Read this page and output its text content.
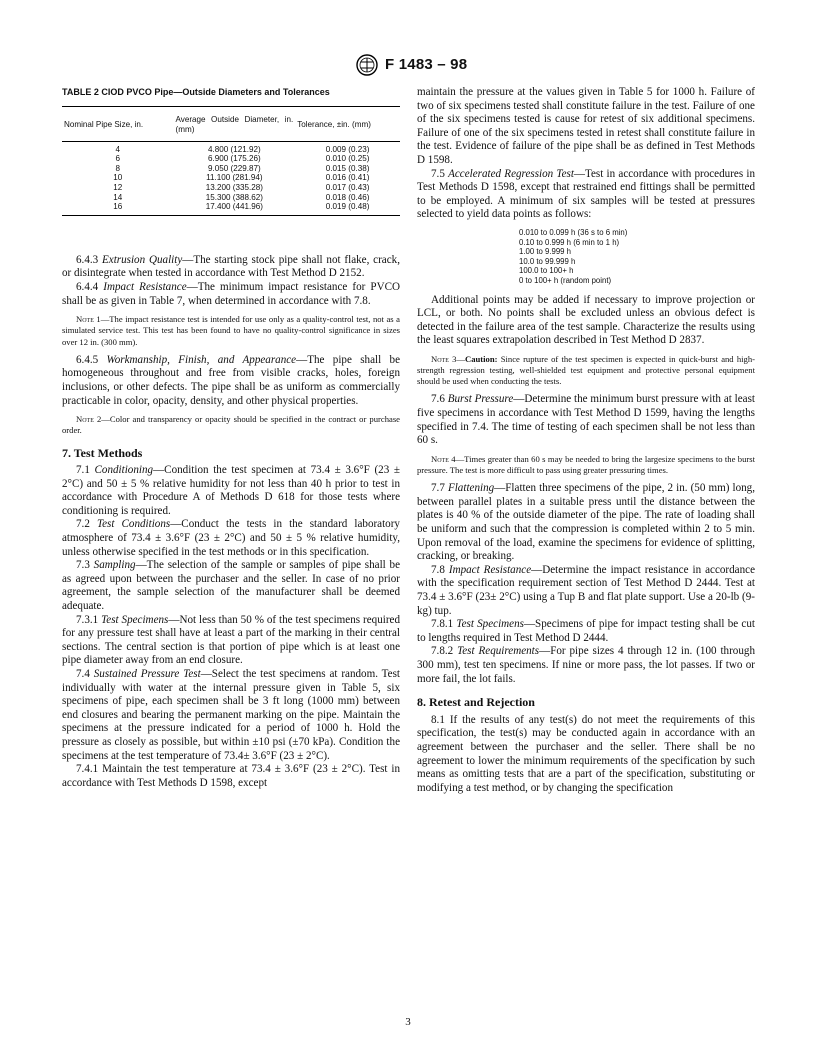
F 1483 – 98
TABLE 2 CIOD PVCO Pipe—Outside Diameters and Tolerances
Nominal Pipe Size, in.	Average Outside Diameter, in. (mm)	Tolerance, ±in. (mm)
4	4.800 (121.92)	0.009 (0.23)
6	6.900 (175.26)	0.010 (0.25)
8	9.050 (229.87)	0.015 (0.38)
10	11.100 (281.94)	0.016 (0.41)
12	13.200 (335.28)	0.017 (0.43)
14	15.300 (388.62)	0.018 (0.46)
16	17.400 (441.96)	0.019 (0.48)

6.4.3 Extrusion Quality—The starting stock pipe shall not flake, crack, or disintegrate when tested in accordance with Test Method D 2152.

6.4.4 Impact Resistance—The minimum impact resistance for PVCO shall be as given in Table 7, when determined in accordance with 7.8.

Note 1—The impact resistance test is intended for use only as a quality-control test, not as a simulated service test. This test has been found to have no quality-control significance in sizes over 12 in. (300 mm).

6.4.5 Workmanship, Finish, and Appearance—The pipe shall be homogeneous throughout and free from visible cracks, holes, foreign inclusions, or other defects. The pipe shall be as uniform as commercially practicable in color, opacity, density, and other physical properties.

Note 2—Color and transparency or opacity should be specified in the contract or purchase order.
7. Test Methods

7.1 Conditioning—Condition the test specimen at 73.4 ± 3.6°F (23 ± 2°C) and 50 ± 5 % relative humidity for not less than 40 h prior to test in accordance with Procedure A of Methods D 618 for those tests where conditioning is required.

7.2 Test Conditions—Conduct the tests in the standard laboratory atmosphere of 73.4 ± 3.6°F (23 ± 2°C) and 50 ± 5 % relative humidity, unless otherwise specified in the test methods or in this specification.

7.3 Sampling—The selection of the sample or samples of pipe shall be as agreed upon between the purchaser and the seller. In case of no prior agreement, the sample selection of the manufacturer shall be deemed adequate.

7.3.1 Test Specimens—Not less than 50 % of the test specimens required for any pressure test shall have at least a part of the marking in their central sections. The central section is that portion of pipe which is at least one pipe diameter away from an end closure.

7.4 Sustained Pressure Test—Select the test specimens at random. Test individually with water at the internal pressure given in Table 5, six specimens of pipe, each specimen shall be 3 ft long (1000 mm) between end closures and bearing the permanent marking on the pipe. Maintain the specimens at the pressure indicated for a period of 1000 h. Hold the pressure as closely as possible, but within ±10 psi (±70 kPa). Condition the specimens at the test temperature of 73.4± 3.6°F (23 ± 2°C).

7.4.1 Maintain the test temperature at 73.4 ± 3.6°F (23 ± 2°C). Test in accordance with Test Methods D 1598, except

maintain the pressure at the values given in Table 5 for 1000 h. Failure of two of six specimens tested shall constitute failure in the test. Failure of one of the six specimens tested is cause for retest of six additional specimens. Failure of one of the six specimens tested in retest shall constitute failure in the test. Evidence of failure of the pipe shall be as defined in Test Methods D 1598.

7.5 Accelerated Regression Test—Test in accordance with procedures in Test Methods D 1598, except that restrained end fittings shall be permitted to be employed. A minimum of six samples will be tested at pressures selected to yield data points as follows:

0.010 to 0.099 h (36 s to 6 min)
0.10 to 0.999 h (6 min to 1 h)
1.00 to 9.999 h
10.0 to 99.999 h
100.0 to 100+ h
0 to 100+ h (random point)

Additional points may be added if necessary to improve projection or LCL, or both. No points shall be excluded unless an obvious defect is detected in the failure area of the test sample. Characterize the results using the least squares extrapolation described in Test Method D 2837.

Note 3—Caution: Since rupture of the test specimen is expected in quick-burst and high-strength regression testing, well-shielded test equipment and protective personal equipment should be used when conducting the tests.

7.6 Burst Pressure—Determine the minimum burst pressure with at least five specimens in accordance with Test Method D 1599, having the lengths specified in 7.4. The time of testing of each specimen shall be not less than 60 s.

Note 4—Times greater than 60 s may be needed to bring the largesize specimens to the burst pressure. The test is more difficult to pass using greater pressuring times.

7.7 Flattening—Flatten three specimens of the pipe, 2 in. (50 mm) long, between parallel plates in a suitable press until the distance between the plates is 40 % of the outside diameter of the pipe. The rate of loading shall be uniform and such that the compression is completed within 2 to 5 min. Upon removal of the load, examine the specimens for evidence of splitting, cracking, or breaking.

7.8 Impact Resistance—Determine the impact resistance in accordance with the specification requirement section of Test Method D 2444. Test at 73.4 ± 3.6°F (23± 2°C) using a Tup B and flat plate support. Use a 20-lb (9-kg) tup.

7.8.1 Test Specimens—Specimens of pipe for impact testing shall be cut to lengths required in Test Method D 2444.

7.8.2 Test Requirements—For pipe sizes 4 through 12 in. (100 through 300 mm), test ten specimens. If nine or more pass, the lot passes. If two or more fail, the lot fails.

8. Retest and Rejection

8.1 If the results of any test(s) do not meet the requirements of this specification, the test(s) may be conducted again in accordance with an agreement between the purchaser and the seller. There shall be no agreement to lower the minimum requirements of the specification by such means as omitting tests that are a part of the specification, substituting or modifying a test method, or by changing the specification

3
